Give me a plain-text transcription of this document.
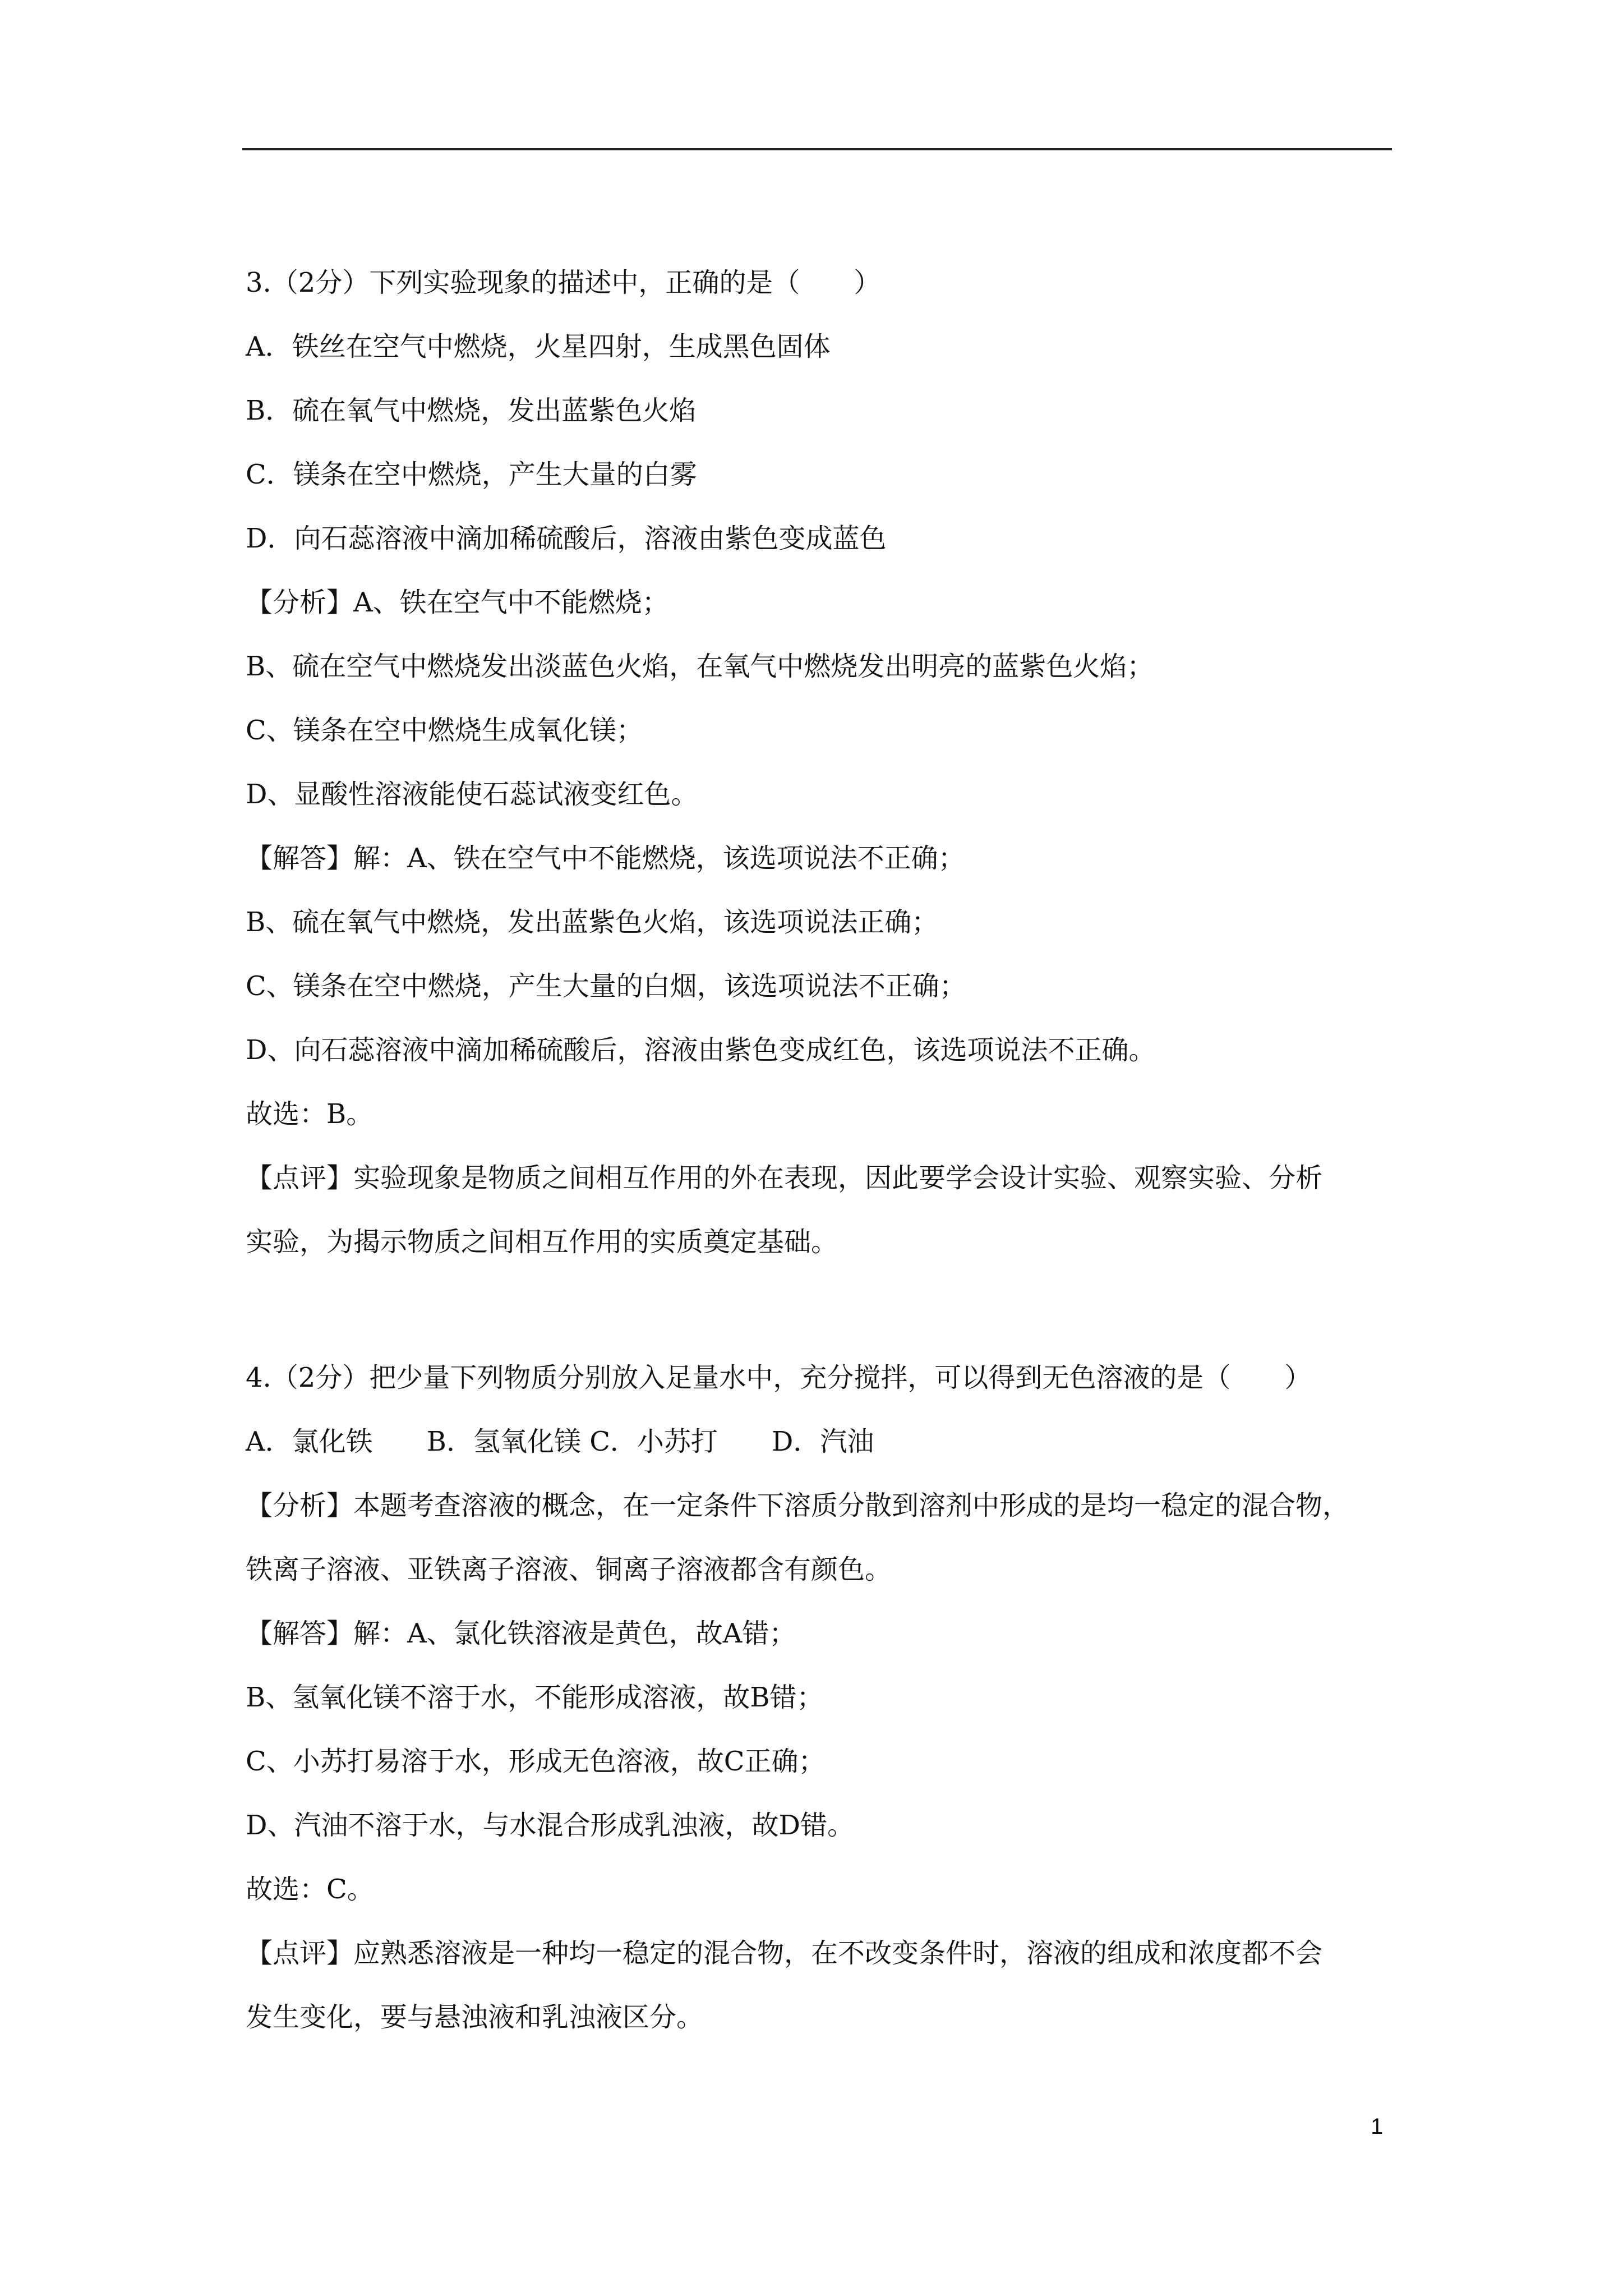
3.（2分）下列实验现象的描述中，正确的是（　　）
A．铁丝在空气中燃烧，火星四射，生成黑色固体
B．硫在氧气中燃烧，发出蓝紫色火焰
C．镁条在空中燃烧，产生大量的白雾
D．向石蕊溶液中滴加稀硫酸后，溶液由紫色变成蓝色
【分析】A、铁在空气中不能燃烧；
B、硫在空气中燃烧发出淡蓝色火焰，在氧气中燃烧发出明亮的蓝紫色火焰；
C、镁条在空中燃烧生成氧化镁；
D、显酸性溶液能使石蕊试液变红色。
【解答】解：A、铁在空气中不能燃烧，该选项说法不正确；
B、硫在氧气中燃烧，发出蓝紫色火焰，该选项说法正确；
C、镁条在空中燃烧，产生大量的白烟，该选项说法不正确；
D、向石蕊溶液中滴加稀硫酸后，溶液由紫色变成红色，该选项说法不正确。
故选：B。
【点评】实验现象是物质之间相互作用的外在表现，因此要学会设计实验、观察实验、分析
实验，为揭示物质之间相互作用的实质奠定基础。
4.（2分）把少量下列物质分别放入足量水中，充分搅拌，可以得到无色溶液的是（　　）
A．氯化铁　　B．氢氧化镁 C．小苏打　　D．汽油
【分析】本题考查溶液的概念，在一定条件下溶质分散到溶剂中形成的是均一稳定的混合物，
铁离子溶液、亚铁离子溶液、铜离子溶液都含有颜色。
【解答】解：A、氯化铁溶液是黄色，故A错；
B、氢氧化镁不溶于水，不能形成溶液，故B错；
C、小苏打易溶于水，形成无色溶液，故C正确；
D、汽油不溶于水，与水混合形成乳浊液，故D错。
故选：C。
【点评】应熟悉溶液是一种均一稳定的混合物，在不改变条件时，溶液的组成和浓度都不会
发生变化，要与悬浊液和乳浊液区分。
1
